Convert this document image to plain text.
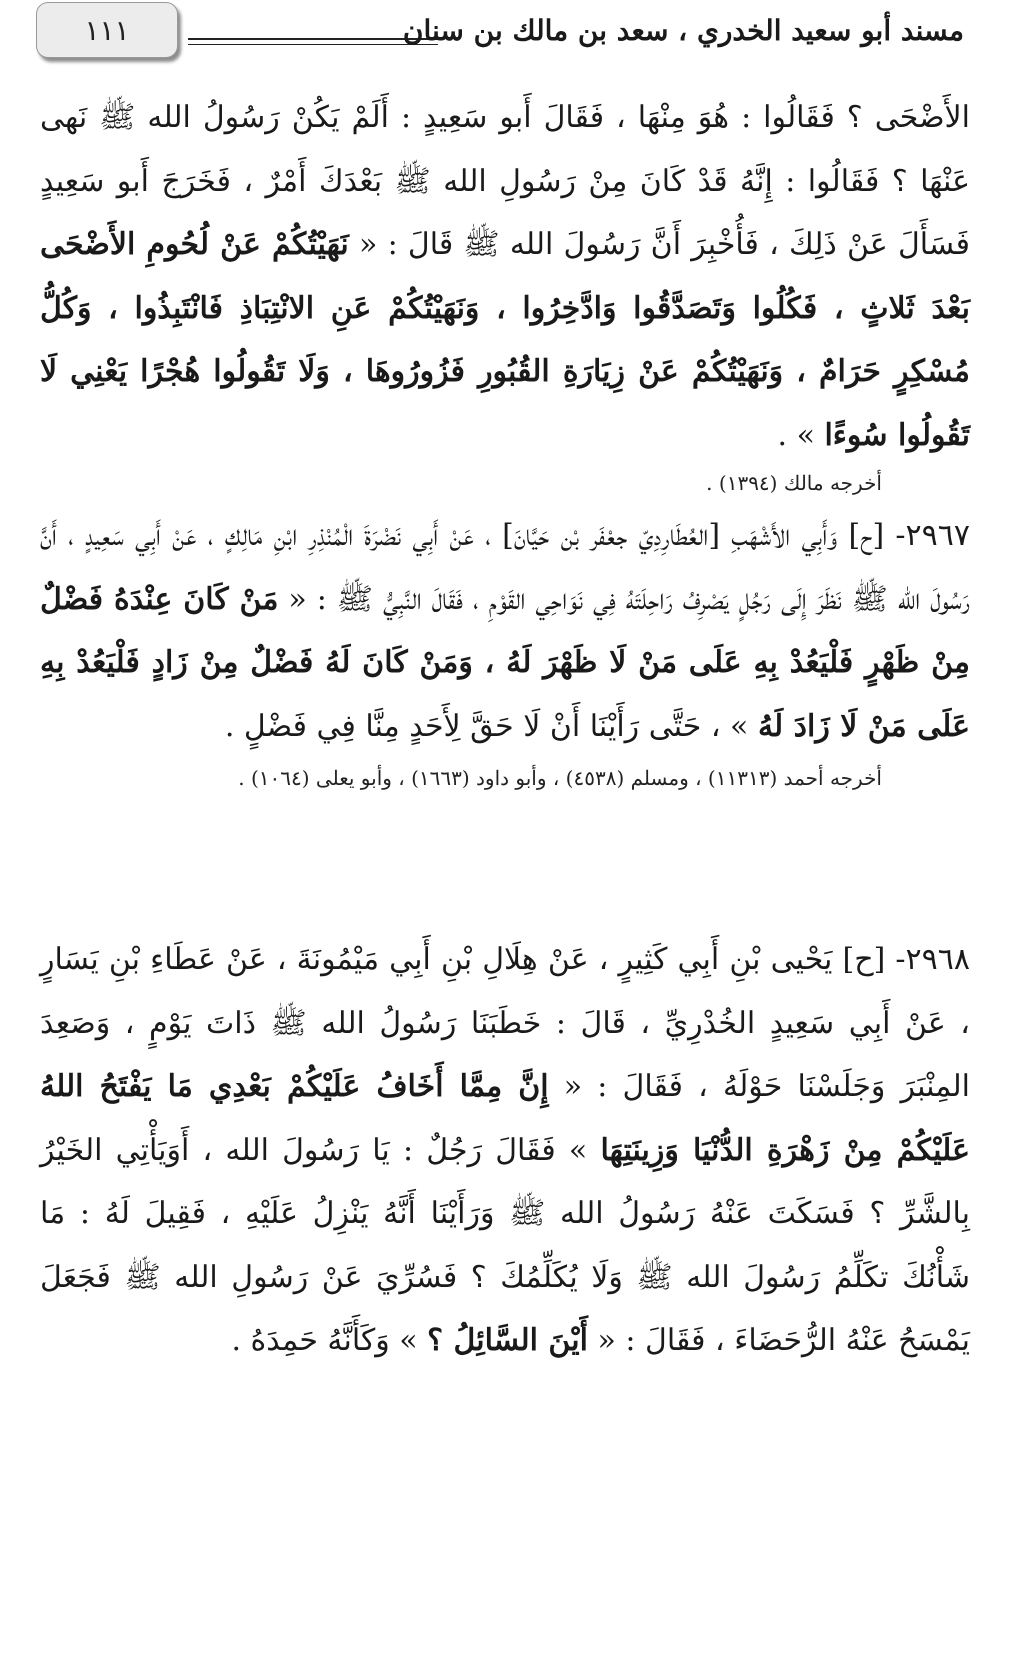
١١١	مسند أبو سعيد الخدري ، سعد بن مالك بن سنان

الأَضْحَى ؟ فَقَالُوا : هُوَ مِنْهَا ، فَقَالَ أَبو سَعِيدٍ : أَلَمْ يَكُنْ رَسُولُ الله ﷺ نَهى عَنْهَا ؟ فَقَالُوا : إِنَّهُ قَدْ كَانَ مِنْ رَسُولِ الله ﷺ بَعْدَكَ أَمْرٌ ، فَخَرَجَ أَبو سَعِيدٍ فَسَأَلَ عَنْ ذَلِكَ ، فَأُخْبِرَ أَنَّ رَسُولَ الله ﷺ قَالَ : « نَهَيْتُكُمْ عَنْ لُحُومِ الأَضْحَى بَعْدَ ثَلاثٍ ، فَكُلُوا وَتَصَدَّقُوا وَادَّخِرُوا ، وَنَهَيْتُكُمْ عَنِ الانْتِبَاذِ فَانْتَبِذُوا ، وَكُلُّ مُسْكِرٍ حَرَامٌ ، وَنَهَيْتُكُمْ عَنْ زِيَارَةِ القُبُورِ فَزُورُوهَا ، وَلَا تَقُولُوا هُجْرًا يَعْنِي لَا تَقُولُوا سُوءًا » .

أخرجه مالك (١٣٩٤) .

٢٩٦٧- [ح] وَأَبِي الأَشْهَبِ [العُطَارِدِيّ جعْفَر بْن حَيَّانَ] ، عَنْ أَبِي نَضْرَةَ الْمُنْذِرِ ابْنِ مَالِكٍ ، عَنْ أَبِي سَعِيدٍ ، أَنَّ رَسُولَ الله ﷺ نَظَرَ إِلَى رَجُلٍ يَصْرِفُ رَاحِلَتَهُ فِي نَوَاحِي القَوْمِ ، فَقَالَ النَّبِيُّ ﷺ : « مَنْ كَانَ عِنْدَهُ فَضْلٌ مِنْ ظَهْرٍ فَلْيَعُدْ بِهِ عَلَى مَنْ لَا ظَهْرَ لَهُ ، وَمَنْ كَانَ لَهُ فَضْلٌ مِنْ زَادٍ فَلْيَعُدْ بِهِ عَلَى مَنْ لَا زَادَ لَهُ » ، حَتَّى رَأَيْنَا أَنْ لَا حَقَّ لِأَحَدٍ مِنَّا فِي فَضْلٍ .

أخرجه أحمد (١١٣١٣) ، ومسلم (٤٥٣٨) ، وأبو داود (١٦٦٣) ، وأبو يعلى (١٠٦٤) .

٢٩٦٨- [ح] يَحْيى بْنِ أَبِي كَثِيرٍ ، عَنْ هِلَالِ بْنِ أَبِي مَيْمُونَةَ ، عَنْ عَطَاءِ بْنِ يَسَارٍ ، عَنْ أَبِي سَعِيدٍ الخُدْرِيِّ ، قَالَ : خَطَبَنَا رَسُولُ الله ﷺ ذَاتَ يَوْمٍ ، وَصَعِدَ المِنْبَرَ وَجَلَسْنَا حَوْلَهُ ، فَقَالَ : « إِنَّ مِمَّا أَخَافُ عَلَيْكُمْ بَعْدِي مَا يَفْتَحُ اللهُ عَلَيْكُمْ مِنْ زَهْرَةِ الدُّنْيَا وَزِينَتِهَا » فَقَالَ رَجُلٌ : يَا رَسُولَ الله ، أَوَيَأْتِي الخَيْرُ بِالشَّرِّ ؟ فَسَكَتَ عَنْهُ رَسُولُ الله ﷺ وَرَأَيْنَا أَنَّهُ يَنْزِلُ عَلَيْهِ ، فَقِيلَ لَهُ : مَا شَأْنُكَ تكَلِّمُ رَسُولَ الله ﷺ وَلَا يُكَلِّمُكَ ؟ فَسُرِّيَ عَنْ رَسُولِ الله ﷺ فَجَعَلَ يَمْسَحُ عَنْهُ الرُّحَضَاءَ ، فَقَالَ : « أَيْنَ السَّائِلُ ؟ » وَكَأَنَّهُ حَمِدَهُ .
